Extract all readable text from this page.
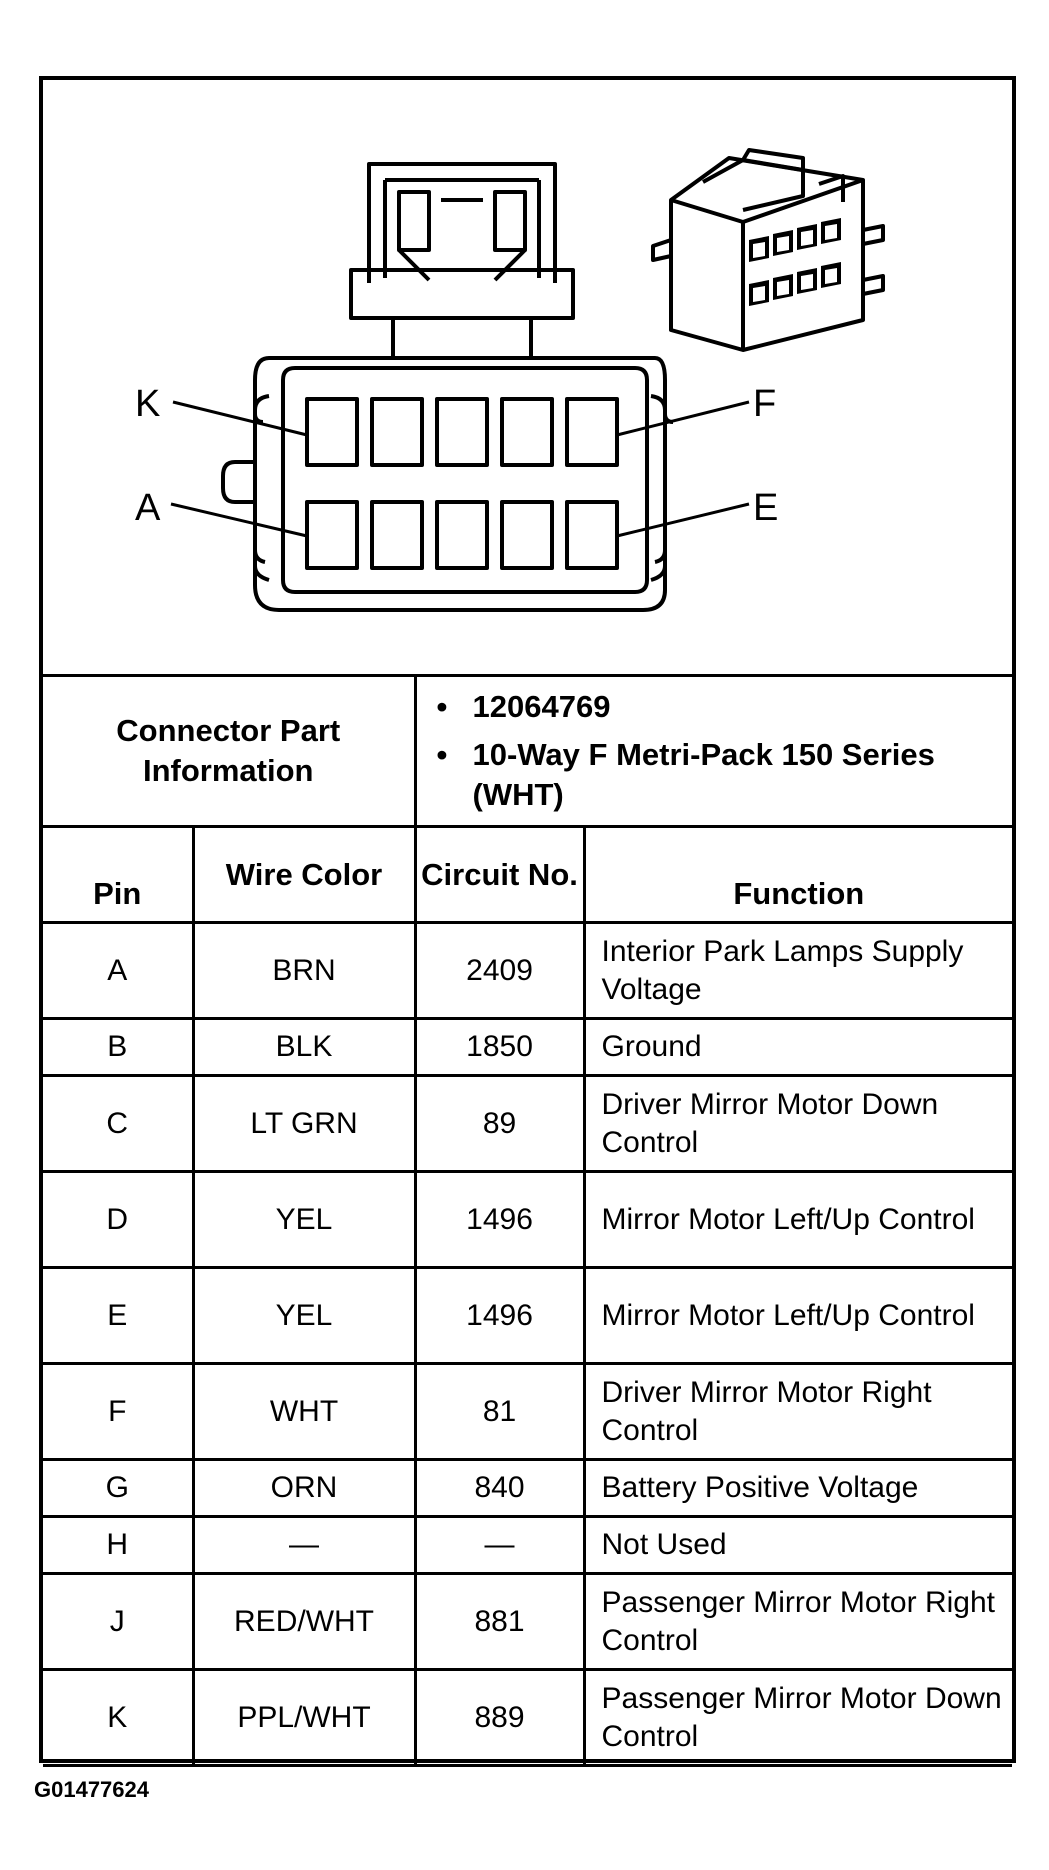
K
A
F
E
Connector Part Information		• 12064769
• 10-Way F Metri-Pack 150 Series (WHT)	

Pin	Wire Color	Circuit No.	Function
A	BRN	2409	Interior Park Lamps Supply Voltage
B	BLK	1850	Ground
C	LT GRN	89	Driver Mirror Motor Down Control
D	YEL	1496	Mirror Motor Left/Up Control
E	YEL	1496	Mirror Motor Left/Up Control
F	WHT	81	Driver Mirror Motor Right Control
G	ORN	840	Battery Positive Voltage
H	—	—	Not Used
J	RED/WHT	881	Passenger Mirror Motor Right Control
K	PPL/WHT	889	Passenger Mirror Motor Down Control
G01477624
